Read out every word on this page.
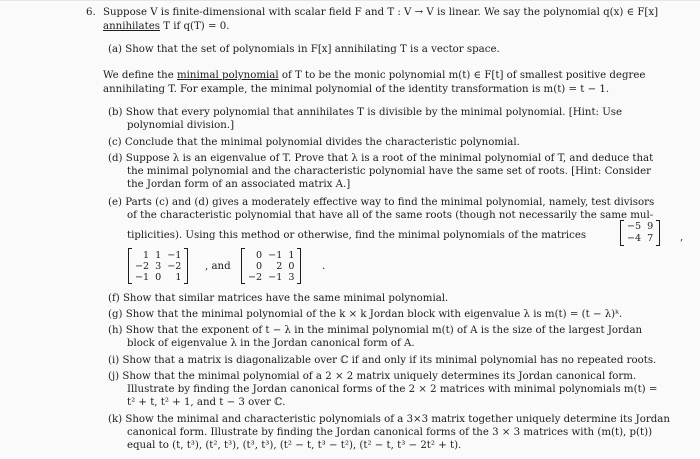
6. Suppose V is finite-dimensional with scalar field F and T : V → V is linear. We say the polynomial q(x) ∈ F[x]
annihilates T if q(T) = 0.
(a) Show that the set of polynomials in F[x] annihilating T is a vector space.
We define the minimal polynomial of T to be the monic polynomial m(t) ∈ F[t] of smallest positive degree
annihilating T. For example, the minimal polynomial of the identity transformation is m(t) = t − 1.
(b) Show that every polynomial that annihilates T is divisible by the minimal polynomial. [Hint: Use
polynomial division.]
(c) Conclude that the minimal polynomial divides the characteristic polynomial.
(d) Suppose λ is an eigenvalue of T. Prove that λ is a root of the minimal polynomial of T, and deduce that
the minimal polynomial and the characteristic polynomial have the same set of roots. [Hint: Consider
the Jordan form of an associated matrix A.]
(e) Parts (c) and (d) gives a moderately effective way to find the minimal polynomial, namely, test divisors
of the characteristic polynomial that have all of the same roots (though not necessarily the same mul-
tiplicities). Using this method or otherwise, find the minimal polynomials of the matrices
−5 9
−4 7	,
1 1 −1
−2 3 −2
−1 0	1
, and
0 −1 1
0	2 0
−2 −1 3
.
(f) Show that similar matrices have the same minimal polynomial.
(g) Show that the minimal polynomial of the k × k Jordan block with eigenvalue λ is m(t) = (t − λ)ᵏ.
(h) Show that the exponent of t − λ in the minimal polynomial m(t) of A is the size of the largest Jordan
block of eigenvalue λ in the Jordan canonical form of A.
(i) Show that a matrix is diagonalizable over ℂ if and only if its minimal polynomial has no repeated roots.
(j) Show that the minimal polynomial of a 2 × 2 matrix uniquely determines its Jordan canonical form.
Illustrate by finding the Jordan canonical forms of the 2 × 2 matrices with minimal polynomials m(t) =
t² + t, t² + 1, and t − 3 over ℂ.
(k) Show the minimal and characteristic polynomials of a 3×3 matrix together uniquely determine its Jordan
canonical form. Illustrate by finding the Jordan canonical forms of the 3 × 3 matrices with (m(t), p(t))
equal to (t, t³), (t², t³), (t³, t³), (t² − t, t³ − t²), (t² − t, t³ − 2t² + t).
